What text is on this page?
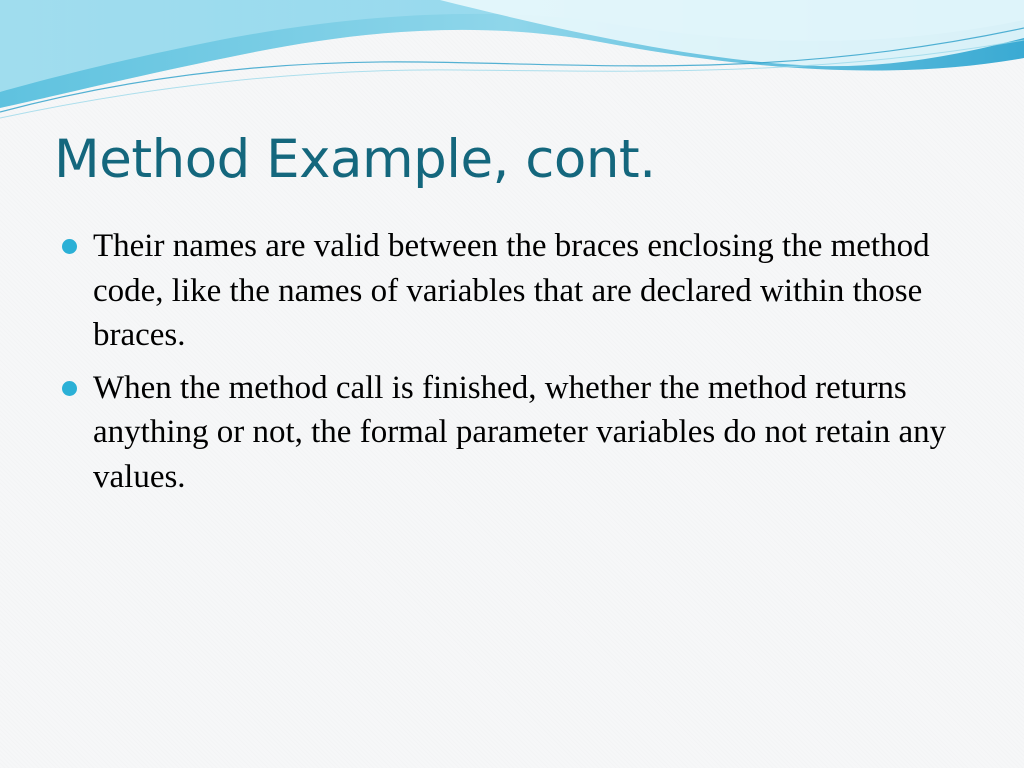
Method Example, cont.
Their names are valid between the braces enclosing the method code, like the names of variables that are declared within those braces.
When the method call is finished, whether the method returns anything or not, the formal parameter variables do not retain any values.
